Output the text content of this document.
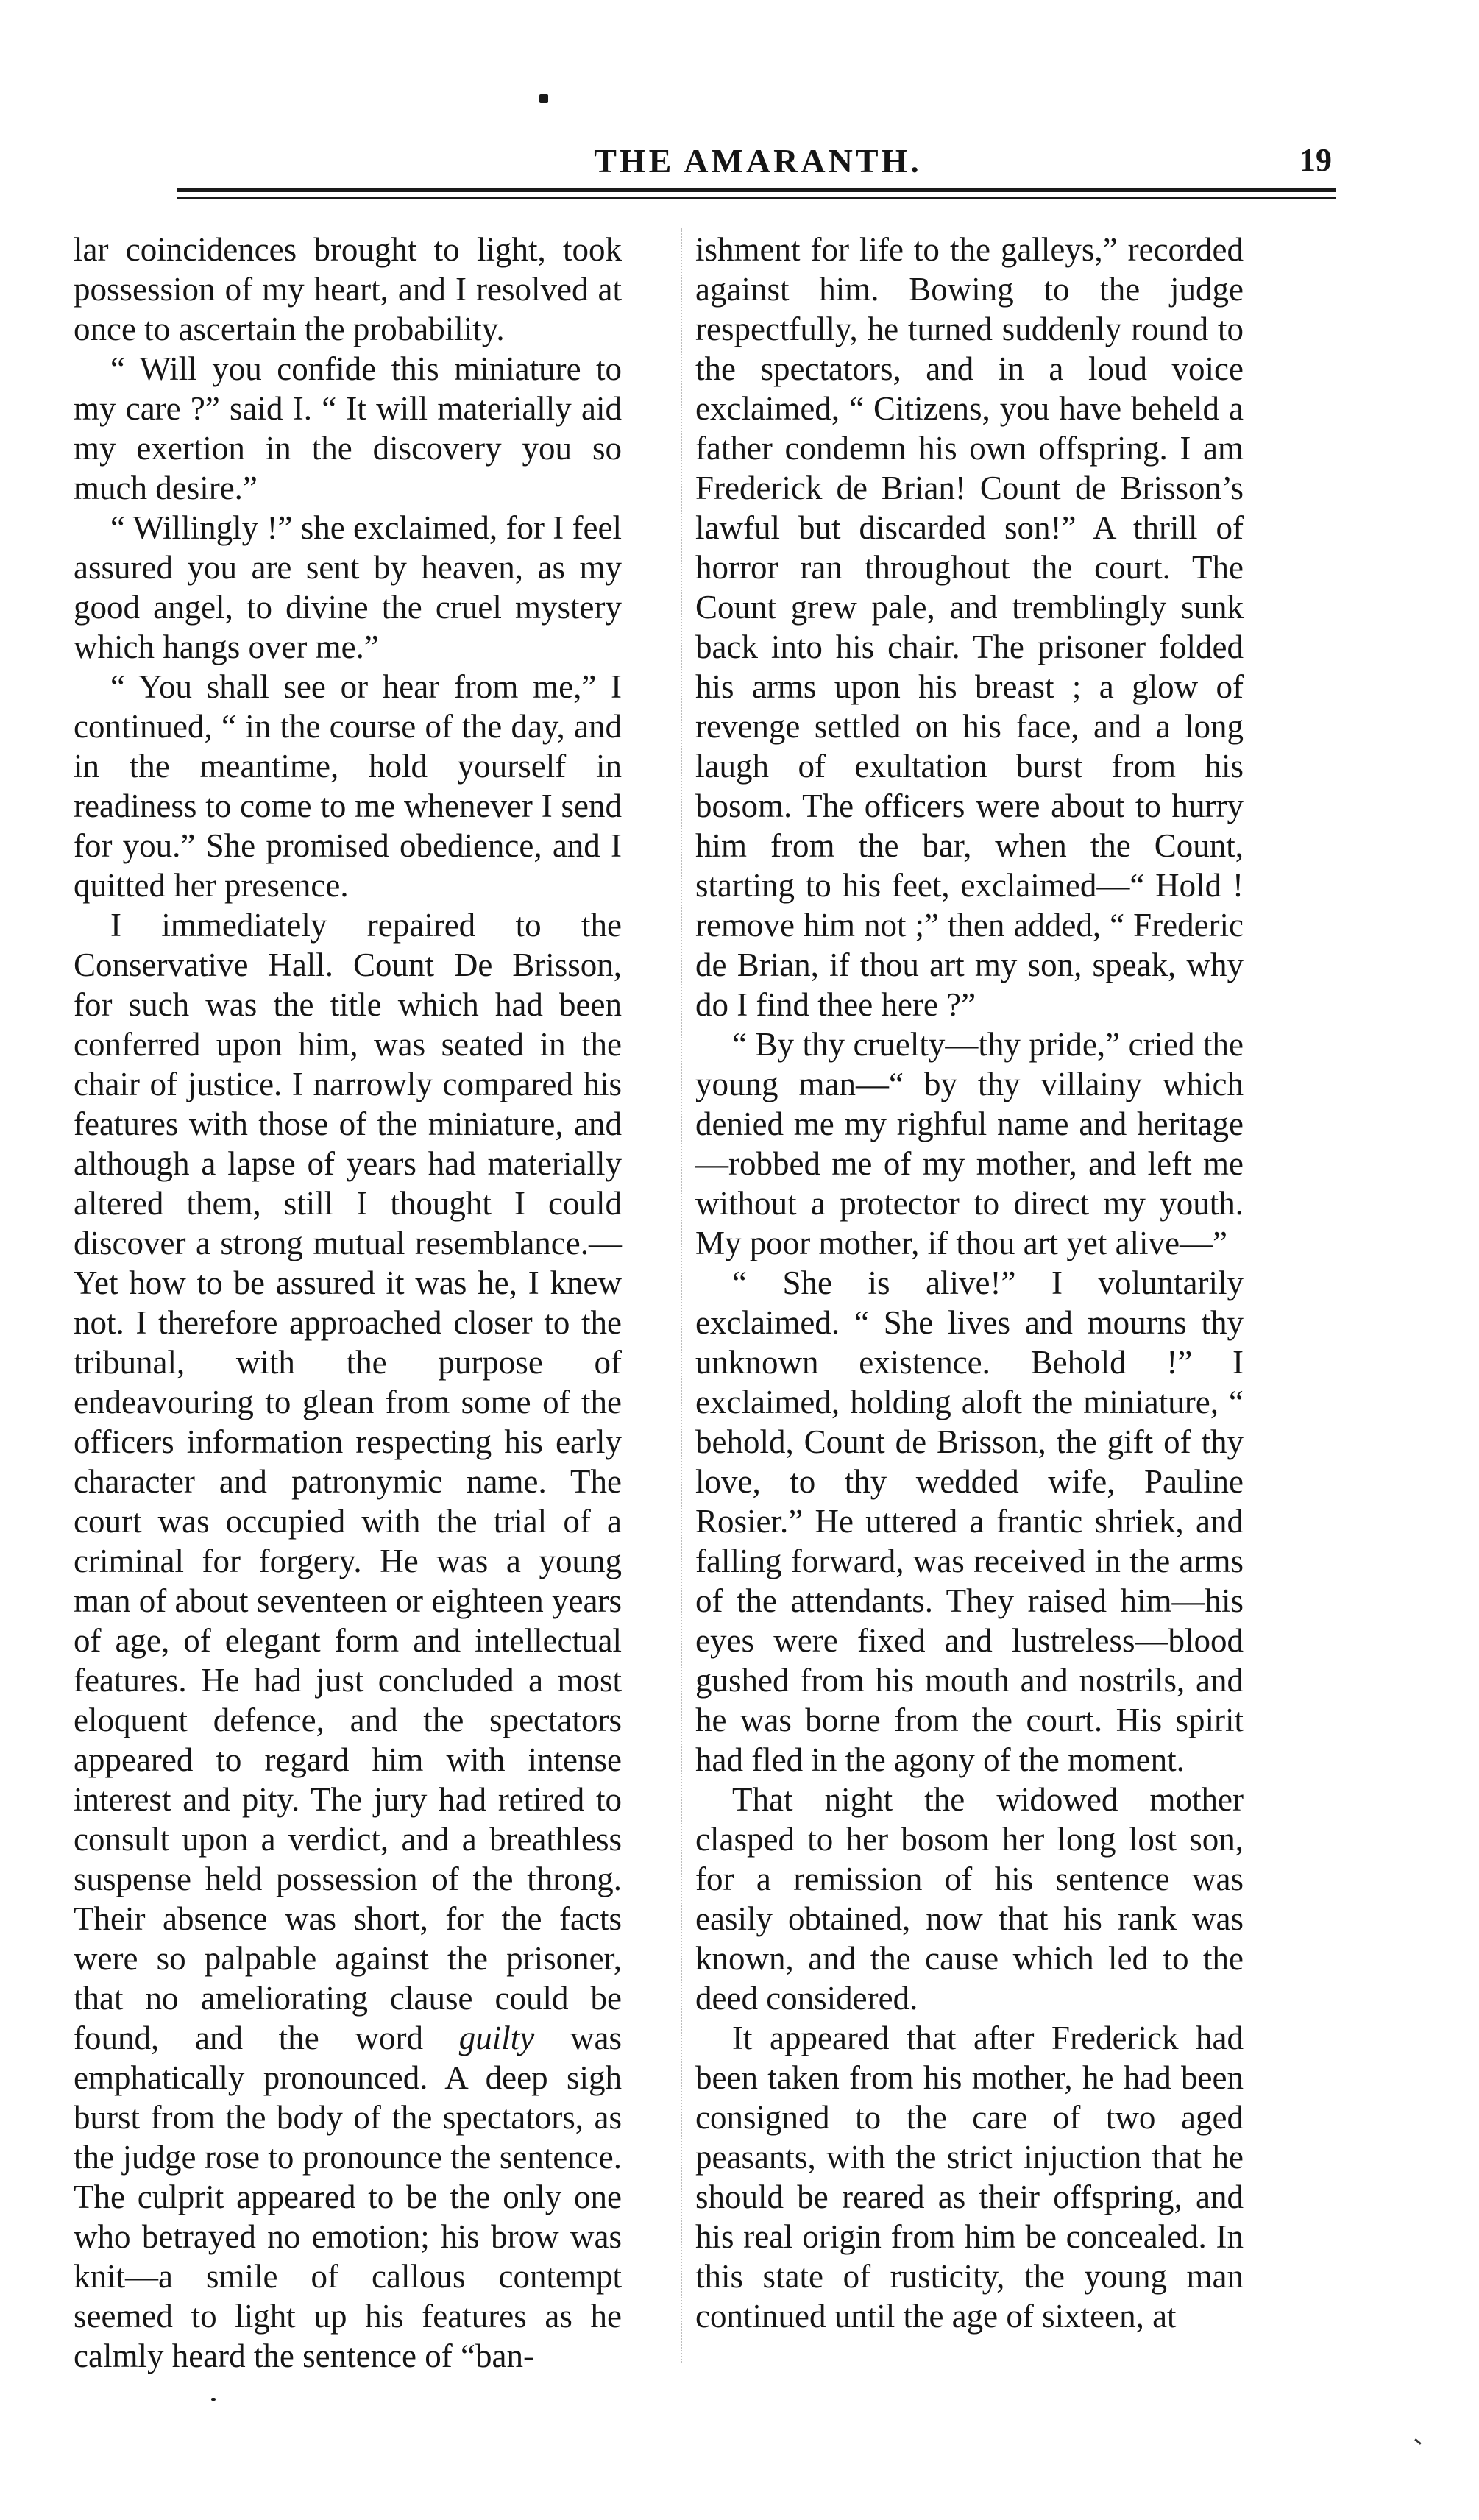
THE AMARANTH.	19

lar coincidences brought to light, took possession of my heart, and I resolved at once to ascertain the probability.

“ Will you confide this miniature to my care ?” said I. “ It will materially aid my exertion in the discovery you so much desire.”

“ Willingly !” she exclaimed, for I feel assured you are sent by heaven, as my good angel, to divine the cruel mystery which hangs over me.”

“ You shall see or hear from me,” I continued, “ in the course of the day, and in the meantime, hold yourself in readiness to come to me whenever I send for you.” She promised obedience, and I quitted her presence.

I immediately repaired to the Conservative Hall. Count De Brisson, for such was the title which had been conferred upon him, was seated in the chair of justice. I narrowly compared his features with those of the miniature, and although a lapse of years had materially altered them, still I thought I could discover a strong mutual resemblance.—Yet how to be assured it was he, I knew not. I therefore approached closer to the tribunal, with the purpose of endeavouring to glean from some of the officers information respecting his early character and patronymic name. The court was occupied with the trial of a criminal for forgery. He was a young man of about seventeen or eighteen years of age, of elegant form and intellectual features. He had just concluded a most eloquent defence, and the spectators appeared to regard him with intense interest and pity. The jury had retired to consult upon a verdict, and a breathless suspense held possession of the throng. Their absence was short, for the facts were so palpable against the prisoner, that no ameliorating clause could be found, and the word guilty was emphatically pronounced. A deep sigh burst from the body of the spectators, as the judge rose to pronounce the sentence. The culprit appeared to be the only one who betrayed no emotion; his brow was knit—a smile of callous contempt seemed to light up his features as he calmly heard the sentence of “ban-

ishment for life to the galleys,” recorded against him. Bowing to the judge respectfully, he turned suddenly round to the spectators, and in a loud voice exclaimed, “ Citizens, you have beheld a father condemn his own offspring. I am Frederick de Brian! Count de Brisson’s lawful but discarded son!” A thrill of horror ran throughout the court. The Count grew pale, and tremblingly sunk back into his chair. The prisoner folded his arms upon his breast ; a glow of revenge settled on his face, and a long laugh of exultation burst from his bosom. The officers were about to hurry him from the bar, when the Count, starting to his feet, exclaimed—“ Hold ! remove him not ;” then added, “ Frederic de Brian, if thou art my son, speak, why do I find thee here ?”

“ By thy cruelty—thy pride,” cried the young man—“ by thy villainy which denied me my righful name and heritage—robbed me of my mother, and left me without a protector to direct my youth. My poor mother, if thou art yet alive—”

“ She is alive!” I voluntarily exclaimed. “ She lives and mourns thy unknown existence. Behold !” I exclaimed, holding aloft the miniature, “ behold, Count de Brisson, the gift of thy love, to thy wedded wife, Pauline Rosier.” He uttered a frantic shriek, and falling forward, was received in the arms of the attendants. They raised him—his eyes were fixed and lustreless—blood gushed from his mouth and nostrils, and he was borne from the court. His spirit had fled in the agony of the moment.

That night the widowed mother clasped to her bosom her long lost son, for a remission of his sentence was easily obtained, now that his rank was known, and the cause which led to the deed considered.

It appeared that after Frederick had been taken from his mother, he had been consigned to the care of two aged peasants, with the strict injuction that he should be reared as their offspring, and his real origin from him be concealed. In this state of rusticity, the young man continued until the age of sixteen, at
